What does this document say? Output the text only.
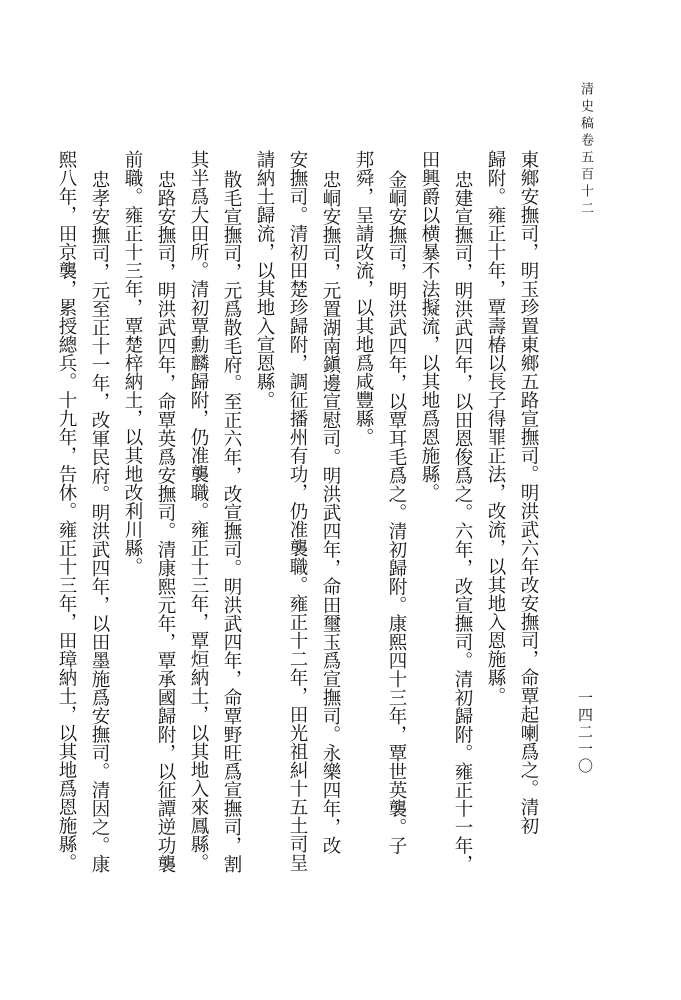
清史稿卷五百十二
一四二一〇
東鄉安撫司，明玉珍置東鄉五路宣撫司。明洪武六年改安撫司，命覃起喇爲之。清初
歸附。雍正十年，覃壽椿以長子得罪正法，改流，以其地入恩施縣。
忠建宣撫司，明洪武四年，以田恩俊爲之。六年，改宣撫司。清初歸附。雍正十一年，
田興爵以横暴不法擬流，以其地爲恩施縣。
金峒安撫司，明洪武四年，以覃耳毛爲之。清初歸附。康熙四十三年，覃世英襲。子
邦舜，呈請改流，以其地爲咸豐縣。
忠峒安撫司，元置湖南鎭邊宣慰司。明洪武四年，命田璽玉爲宣撫司。永樂四年，改
安撫司。清初田楚珍歸附，調征播州有功，仍准襲職。雍正十二年，田光祖糾十五土司呈
請納土歸流，以其地入宣恩縣。
散毛宣撫司，元爲散毛府。至正六年，改宣撫司。明洪武四年，命覃野旺爲宣撫司，割
其半爲大田所。清初覃勳麟歸附，仍准襲職。雍正十三年，覃烜納土，以其地入來鳳縣。
忠路安撫司，明洪武四年，命覃英爲安撫司。清康熙元年，覃承國歸附，以征譚逆功襲
前職。雍正十三年，覃楚梓納土，以其地改利川縣。
忠孝安撫司，元至正十一年，改軍民府。明洪武四年，以田墨施爲安撫司。清因之。康
熙八年，田京襲，累授總兵。十九年，告休。雍正十三年，田璋納土，以其地爲恩施縣。
